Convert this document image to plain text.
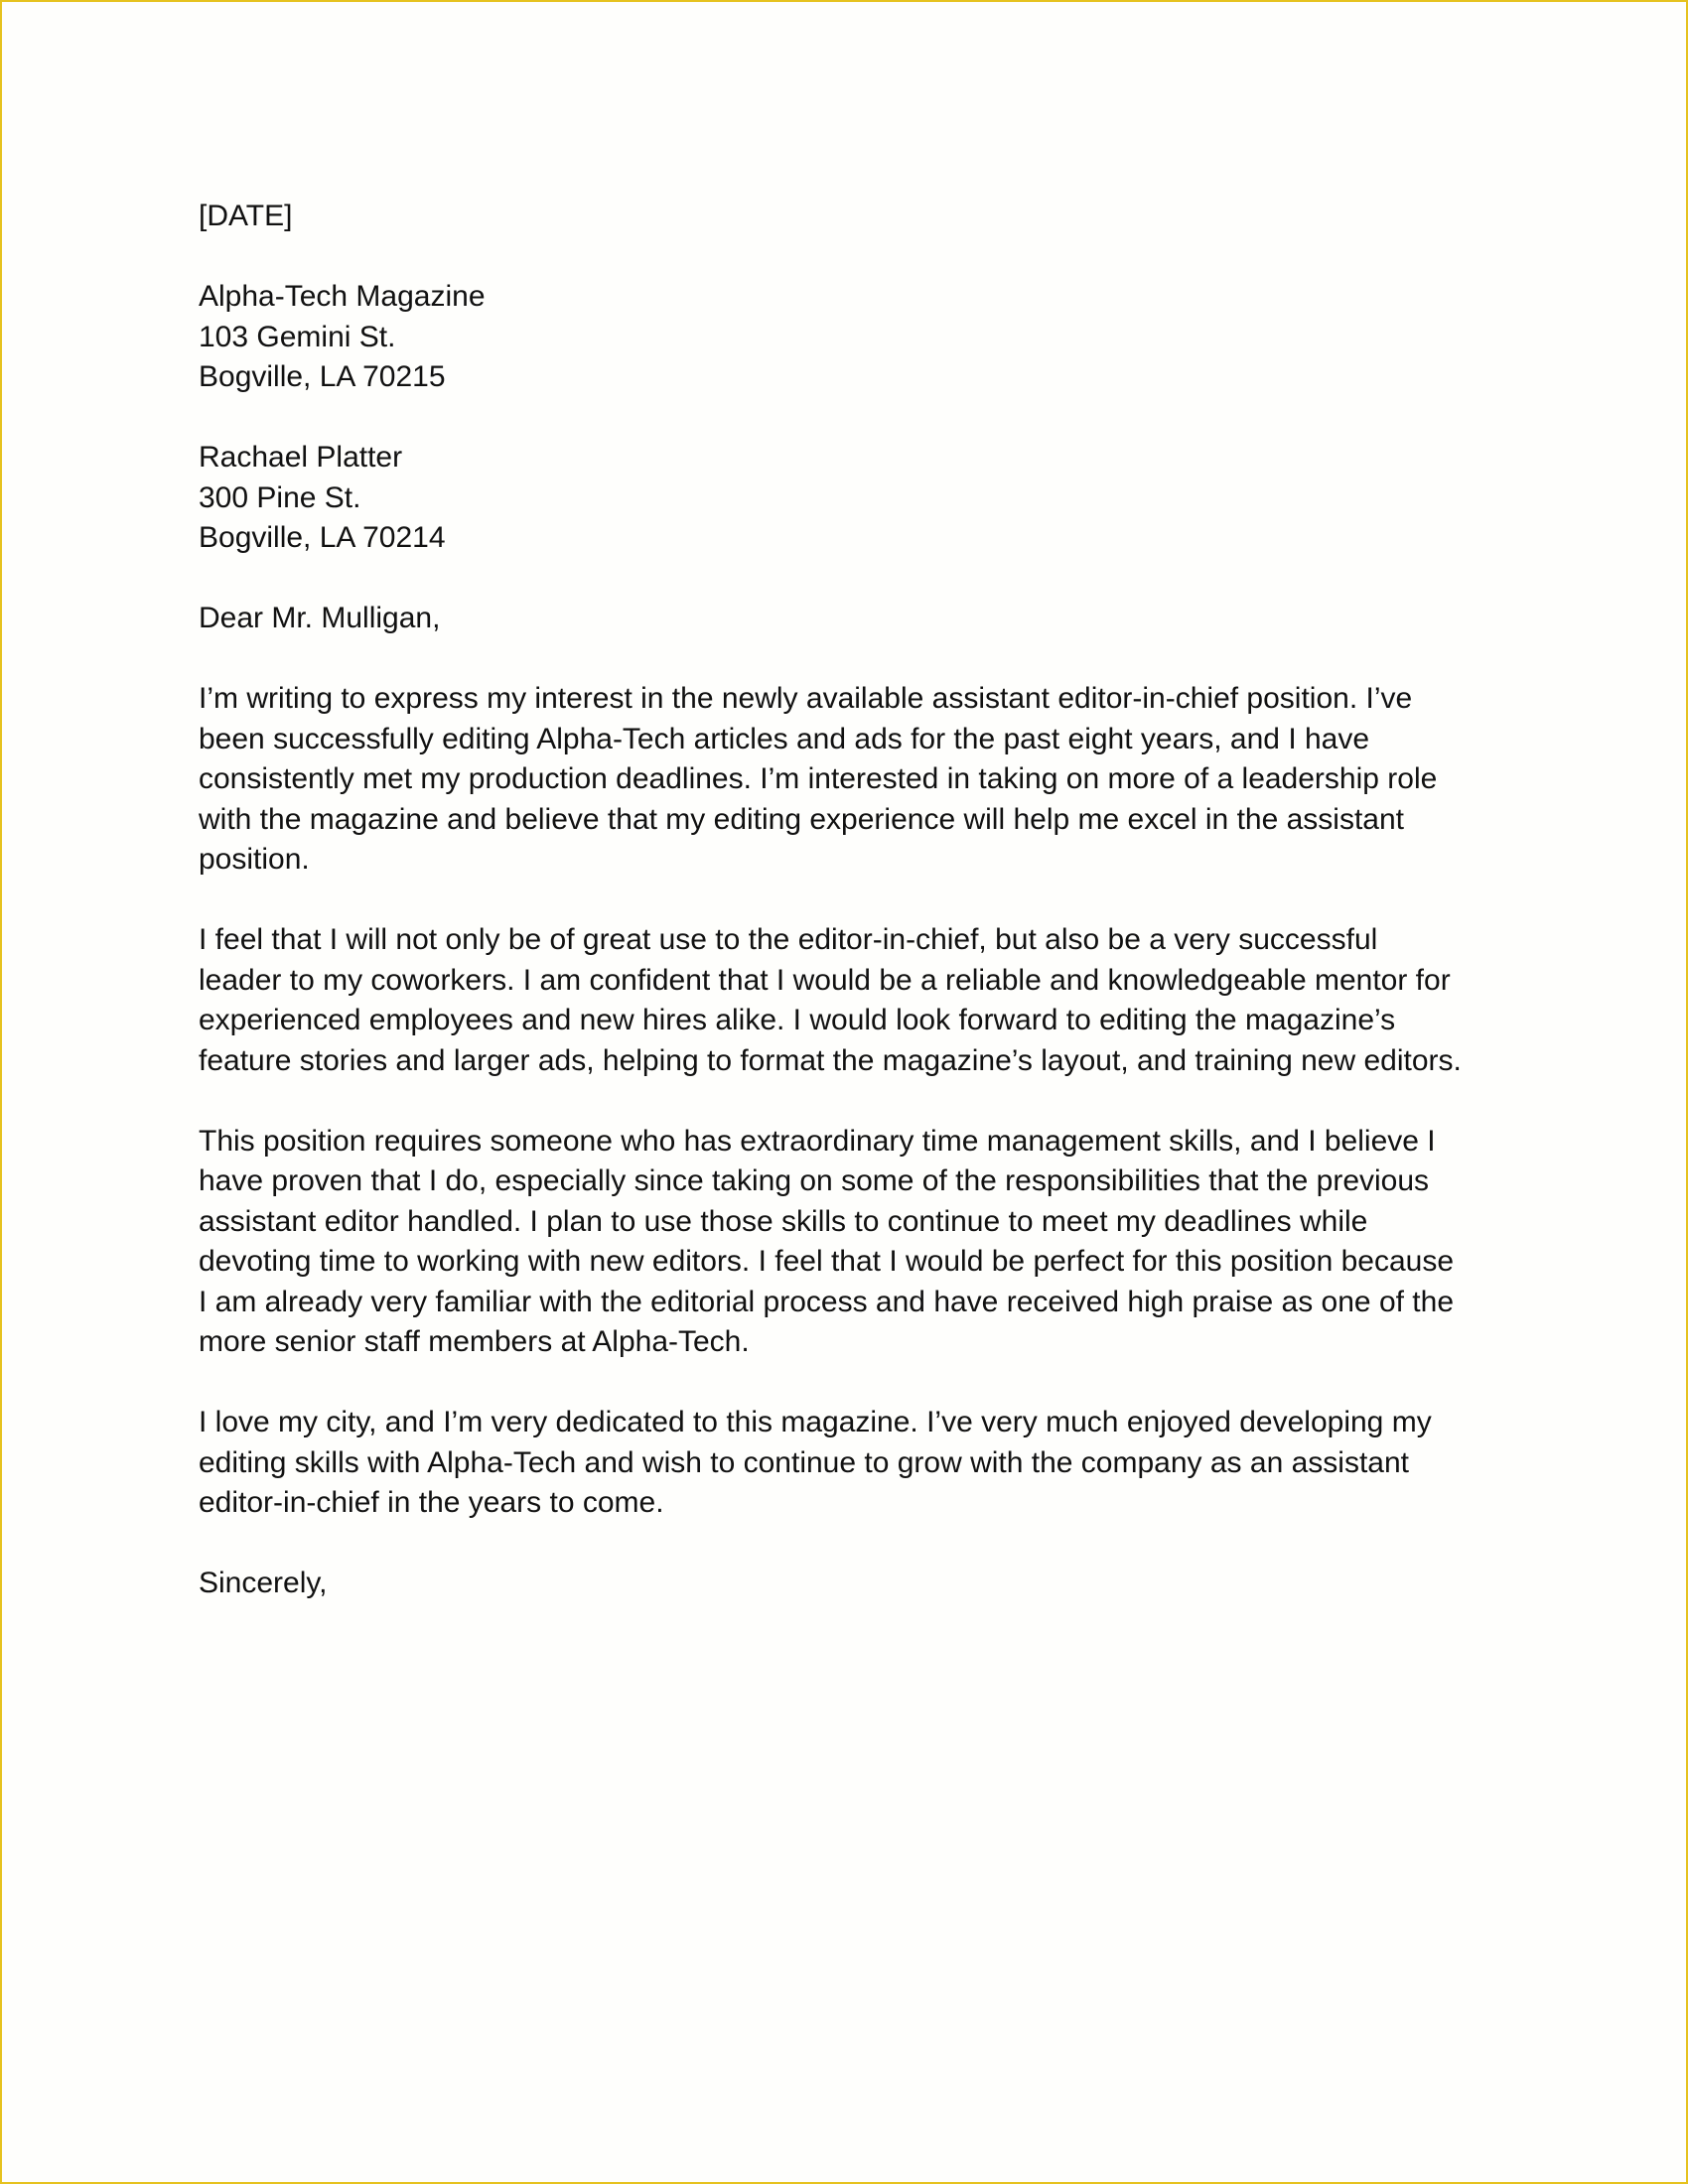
[DATE]
Alpha-Tech Magazine
103 Gemini St.
Bogville, LA 70215
Rachael Platter
300 Pine St.
Bogville, LA 70214
Dear Mr. Mulligan,
I’m writing to express my interest in the newly available assistant editor-in-chief position. I’ve
been successfully editing Alpha-Tech articles and ads for the past eight years, and I have
consistently met my production deadlines. I’m interested in taking on more of a leadership role
with the magazine and believe that my editing experience will help me excel in the assistant
position.
I feel that I will not only be of great use to the editor-in-chief, but also be a very successful
leader to my coworkers. I am confident that I would be a reliable and knowledgeable mentor for
experienced employees and new hires alike. I would look forward to editing the magazine’s
feature stories and larger ads, helping to format the magazine’s layout, and training new editors.
This position requires someone who has extraordinary time management skills, and I believe I
have proven that I do, especially since taking on some of the responsibilities that the previous
assistant editor handled. I plan to use those skills to continue to meet my deadlines while
devoting time to working with new editors. I feel that I would be perfect for this position because
I am already very familiar with the editorial process and have received high praise as one of the
more senior staff members at Alpha-Tech.
I love my city, and I’m very dedicated to this magazine. I’ve very much enjoyed developing my
editing skills with Alpha-Tech and wish to continue to grow with the company as an assistant
editor-in-chief in the years to come.
Sincerely,
